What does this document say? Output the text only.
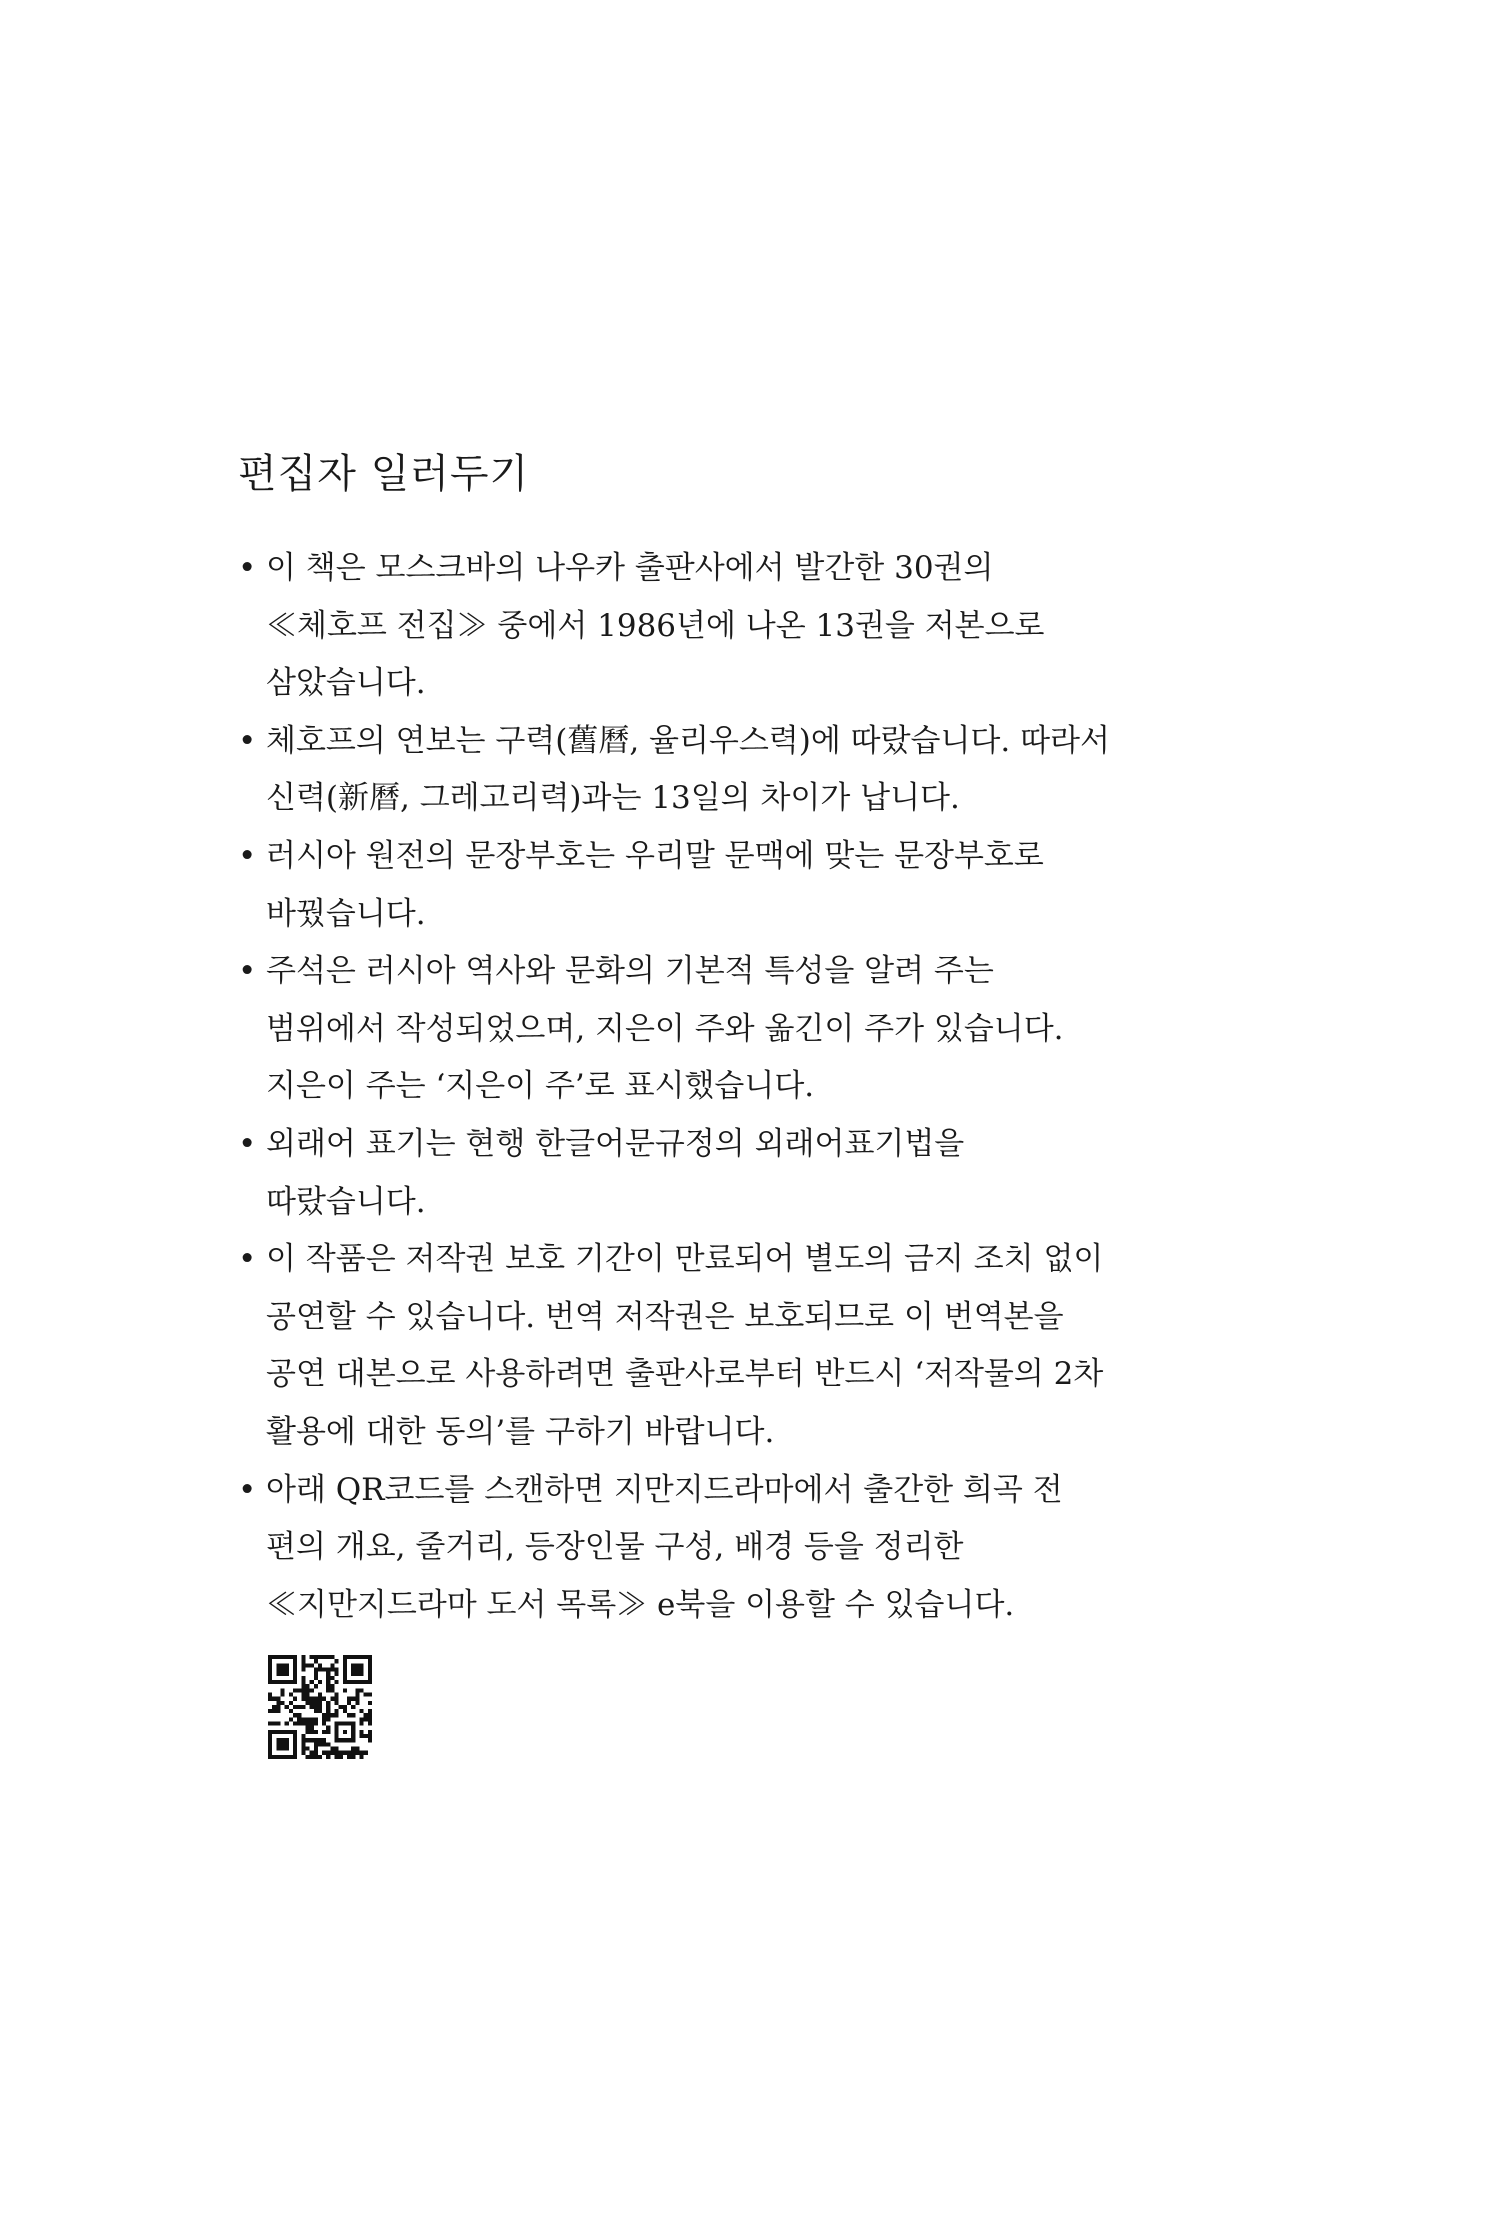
편집자 일러두기
• 이 책은 모스크바의 나우카 출판사에서 발간한 30권의
≪체호프 전집≫ 중에서 1986년에 나온 13권을 저본으로
삼았습니다.
• 체호프의 연보는 구력(舊曆, 율리우스력)에 따랐습니다. 따라서
신력(新曆, 그레고리력)과는 13일의 차이가 납니다.
• 러시아 원전의 문장부호는 우리말 문맥에 맞는 문장부호로
바꿨습니다.
• 주석은 러시아 역사와 문화의 기본적 특성을 알려 주는
범위에서 작성되었으며, 지은이 주와 옮긴이 주가 있습니다.
지은이 주는 ‘지은이 주’로 표시했습니다.
• 외래어 표기는 현행 한글어문규정의 외래어표기법을
따랐습니다.
• 이 작품은 저작권 보호 기간이 만료되어 별도의 금지 조치 없이
공연할 수 있습니다. 번역 저작권은 보호되므로 이 번역본을
공연 대본으로 사용하려면 출판사로부터 반드시 ‘저작물의 2차
활용에 대한 동의’를 구하기 바랍니다.
• 아래 QR코드를 스캔하면 지만지드라마에서 출간한 희곡 전
편의 개요, 줄거리, 등장인물 구성, 배경 등을 정리한
≪지만지드라마 도서 목록≫ e북을 이용할 수 있습니다.
